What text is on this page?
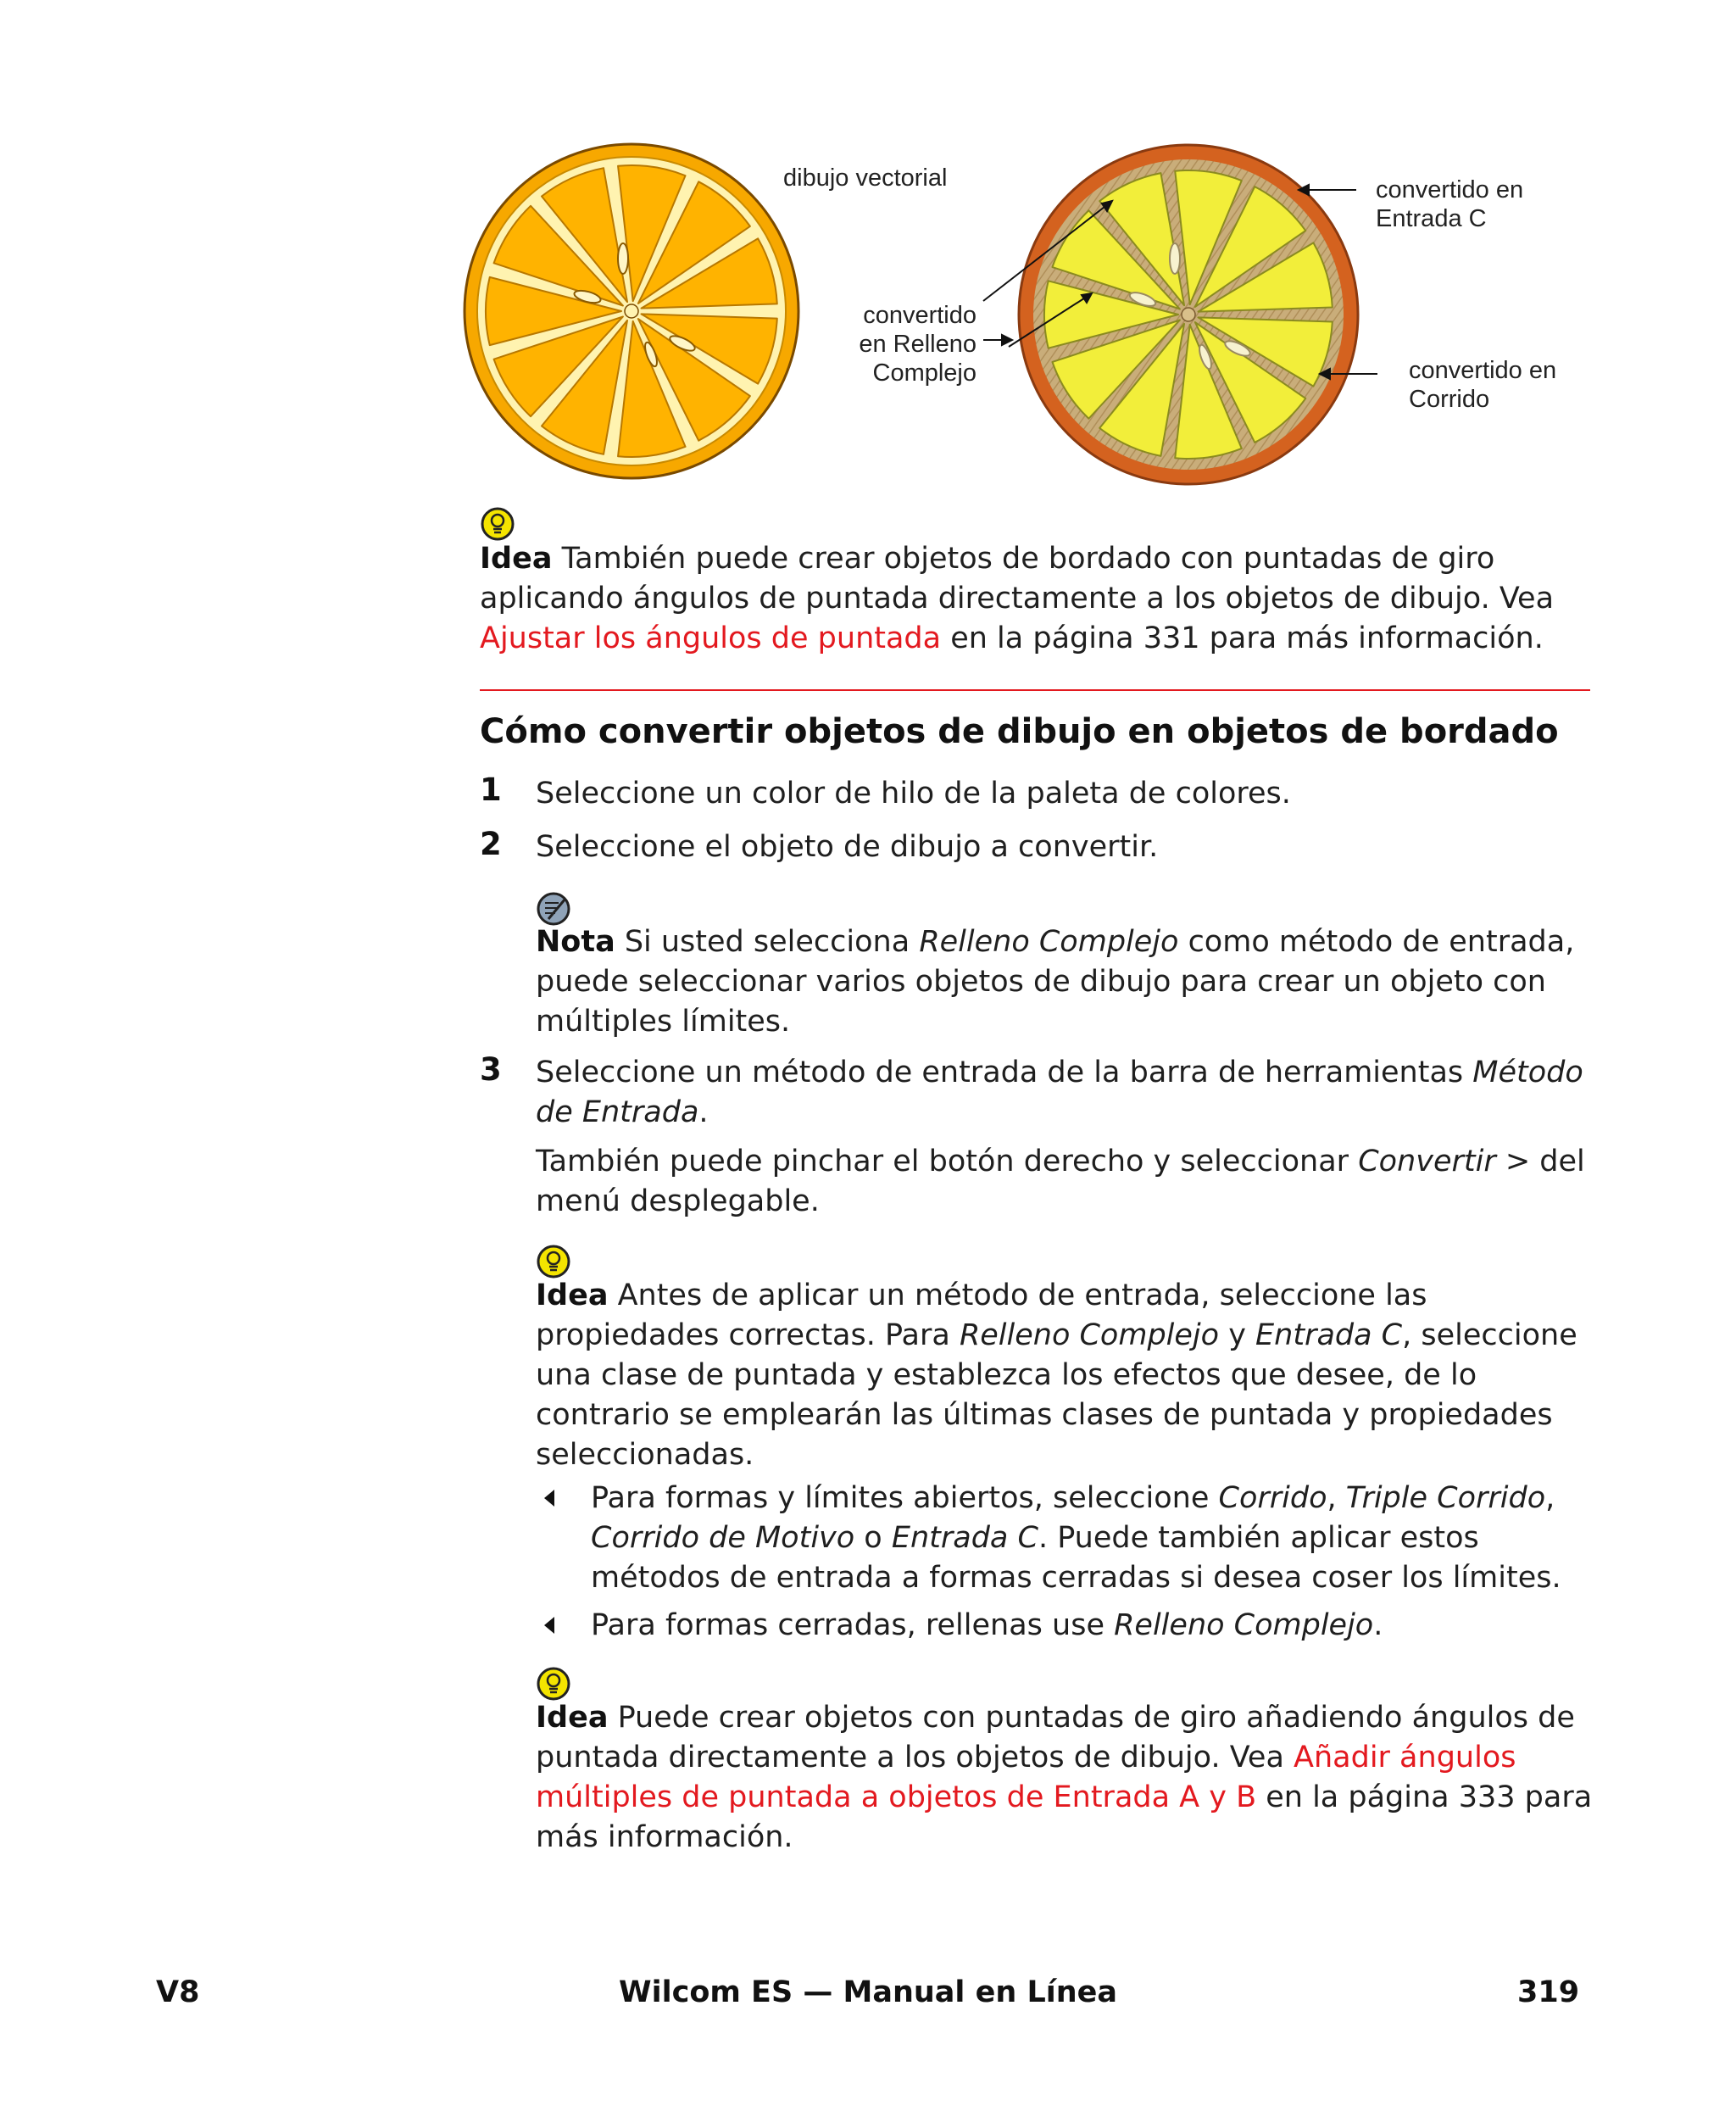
dibujo vectorial
convertido
en Relleno
Complejo
convertido en
Entrada C
convertido en
Corrido
Idea También puede crear objetos de bordado con puntadas de giro aplicando ángulos de puntada directamente a los objetos de dibujo. Vea Ajustar los ángulos de puntada en la página 331 para más información.
Cómo convertir objetos de dibujo en objetos de bordado
1 Seleccione un color de hilo de la paleta de colores.
2 Seleccione el objeto de dibujo a convertir.
Nota Si usted selecciona Relleno Complejo como método de entrada, puede seleccionar varios objetos de dibujo para crear un objeto con múltiples límites.
3 Seleccione un método de entrada de la barra de herramientas Método de Entrada.
También puede pinchar el botón derecho y seleccionar Convertir > del menú desplegable.
Idea Antes de aplicar un método de entrada, seleccione las propiedades correctas. Para Relleno Complejo y Entrada C, seleccione una clase de puntada y establezca los efectos que desee, de lo contrario se emplearán las últimas clases de puntada y propiedades seleccionadas.
Para formas y límites abiertos, seleccione Corrido, Triple Corrido, Corrido de Motivo o Entrada C. Puede también aplicar estos métodos de entrada a formas cerradas si desea coser los límites.
Para formas cerradas, rellenas use Relleno Complejo.
Idea Puede crear objetos con puntadas de giro añadiendo ángulos de puntada directamente a los objetos de dibujo. Vea Añadir ángulos múltiples de puntada a objetos de Entrada A y B en la página 333 para más información.
V8	Wilcom ES — Manual en Línea	319
